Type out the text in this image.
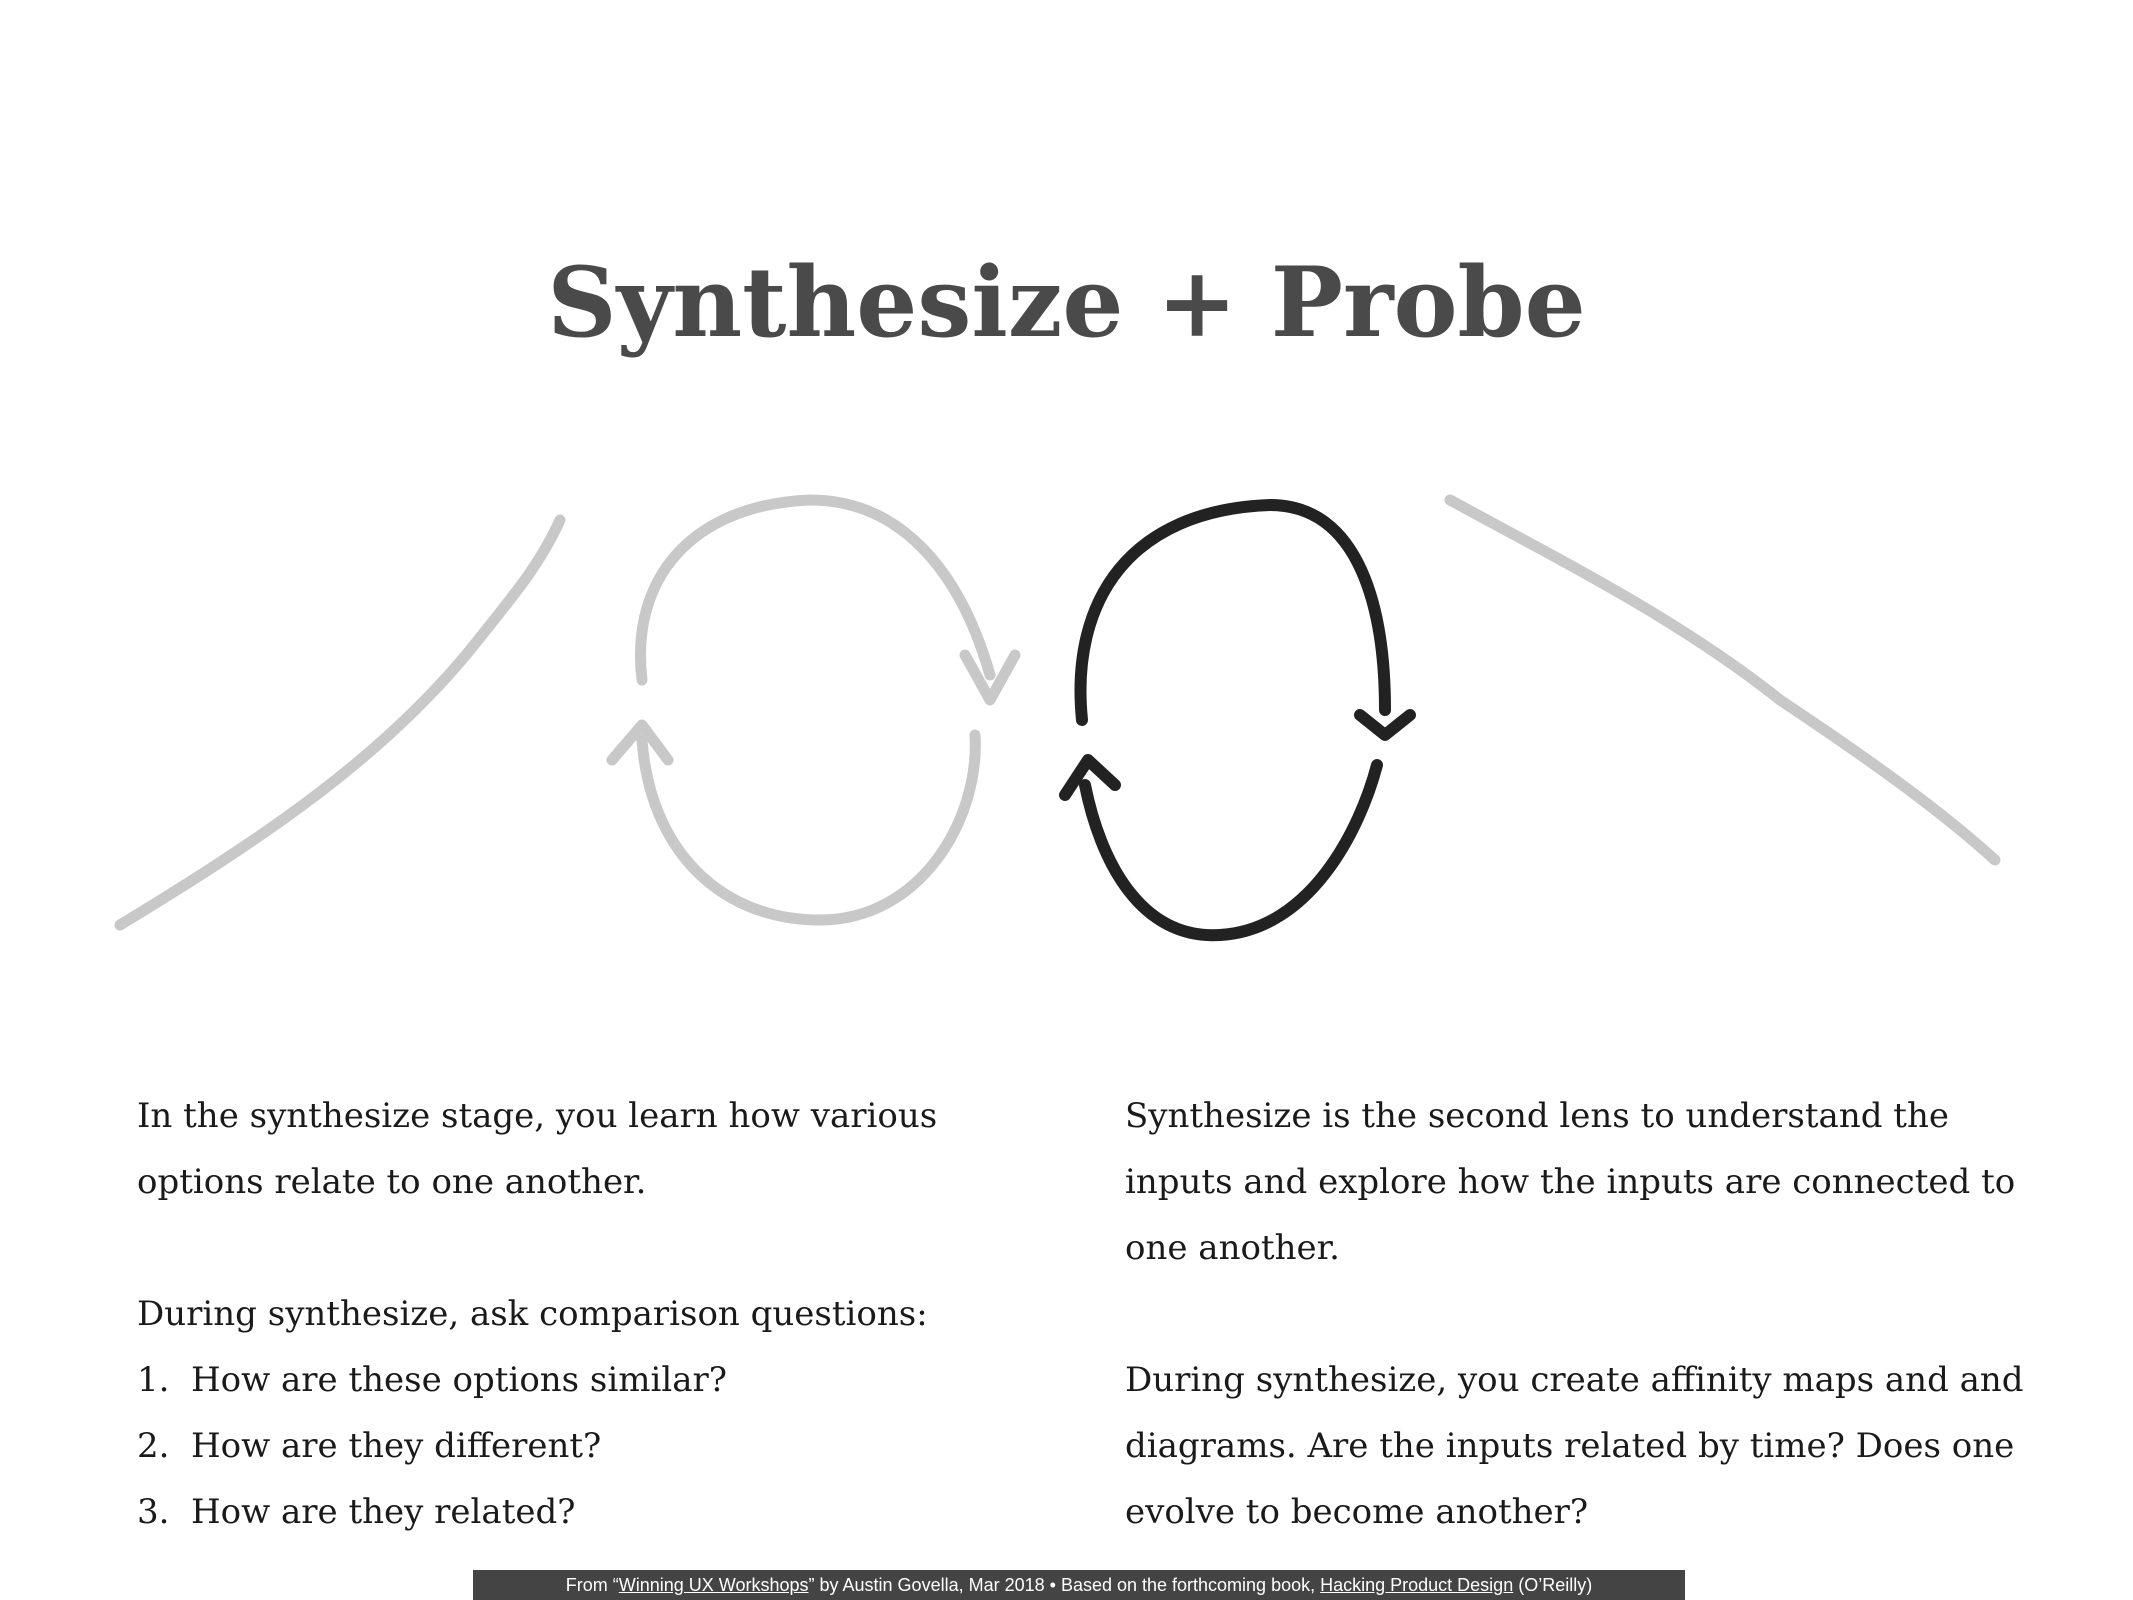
Synthesize + Probe

In the synthesize stage, you learn how various options relate to one another.

During synthesize, ask comparison questions:

1. How are these options similar?
2. How are they different?
3. How are they related?

Synthesize is the second lens to understand the inputs and explore how the inputs are connected to one another.

During synthesize, you create affinity maps and and diagrams. Are the inputs related by time? Does one evolve to become another?

From “Winning UX Workshops” by Austin Govella, Mar 2018 • Based on the forthcoming book, Hacking Product Design (O’Reilly)
